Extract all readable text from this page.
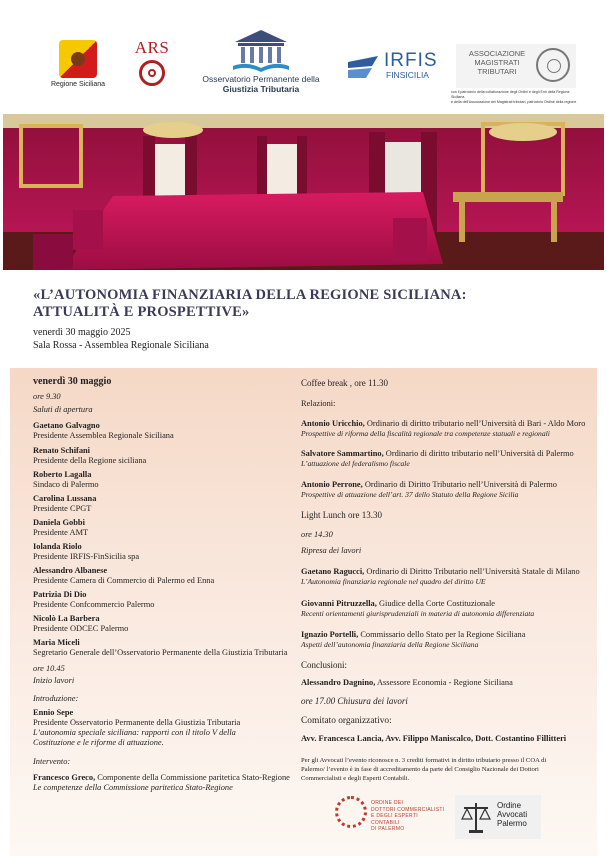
Regione Siciliana
ARS
Osservatorio Permanente della
Giustizia Tributaria
IRFIS
FINSICILIA
ASSOCIAZIONE
MAGISTRATI
TRIBUTARI
con il patrocinio della collaborazione degli Ordini e degli Enti della Regione Siciliana
e della dell'Associazione dei Magistrati tributari, patrocinio Ordine della regione
«L’AUTONOMIA FINANZIARIA DELLA REGIONE SICILIANA:
ATTUALITÀ E PROSPETTIVE»
venerdì 30 maggio 2025
Sala Rossa - Assemblea Regionale Siciliana
venerdì 30 maggio
ore 9.30
Saluti di apertura
Gaetano Galvagno
Presidente Assemblea Regionale Siciliana
Renato Schifani
Presidente della Regione siciliana
Roberto Lagalla
Sindaco di Palermo
Carolina Lussana
Presidente CPGT
Daniela Gobbi
Presidente AMT
Iolanda Riolo
Presidente IRFIS-FinSicilia spa
Alessandro Albanese
Presidente Camera di Commercio di Palermo ed Enna
Patrizia Di Dio
Presidente Confcommercio Palermo
Nicolò La Barbera
Presidente ODCEC Palermo
Maria Miceli
Segretario Generale dell’Osservatorio Permanente della Giustizia Tributaria
ore 10.45
Inizio lavori
Introduzione:
Ennio Sepe
Presidente Osservatorio Permanente della Giustizia Tributaria
L’autonomia speciale siciliana: rapporti con il titolo V della
Costituzione e le riforme di attuazione.
Intervento:
Francesco Greco, Componente della Commissione paritetica Stato-Regione
Le competenze della Commissione paritetica Stato-Regione
Coffee break , ore 11.30
Relazioni:
Antonio Uricchio, Ordinario di diritto tributario nell’Università di Bari - Aldo Moro
Prospettive di riforma della fiscalità regionale tra competenze statuali e regionali
Salvatore Sammartino, Ordinario di diritto tributario nell’Università di Palermo
L’attuazione del federalismo fiscale
Antonio Perrone, Ordinario di Diritto Tributario nell’Università di Palermo
Prospettive di attuazione dell’art. 37 dello Statuto della Regione Sicilia
Light Lunch ore 13.30
ore 14.30
Ripresa dei lavori
Gaetano Ragucci, Ordinario di Diritto Tributario nell’Università Statale di Milano
L’Autonomia finanziaria regionale nel quadro del diritto UE
Giovanni Pitruzzella, Giudice della Corte Costituzionale
Recenti orientamenti giurisprudenziali in materia di autonomia differenziata
Ignazio Portelli, Commissario dello Stato per la Regione Siciliana
Aspetti dell’autonomia finanziaria della Regione Siciliana
Conclusioni:
Alessandro Dagnino, Assessore Economia - Regione Siciliana
ore 17.00 Chiusura dei lavori
Comitato organizzativo:
Avv. Francesca Lancia, Avv. Filippo Maniscalco, Dott. Costantino Fillitteri
Per gli Avvocati l’evento riconosce n. 3 crediti formativi in diritto tributario presso il COA di
Palermo/ l’evento è in fase di accreditamento da parte del Consiglio Nazionale dei Dottori
Commercialisti e degli Esperti Contabili.
ORDINE DEI
DOTTORI COMMERCIALISTI
E DEGLI ESPERTI CONTABILI
DI PALERMO
Ordine
Avvocati
Palermo
